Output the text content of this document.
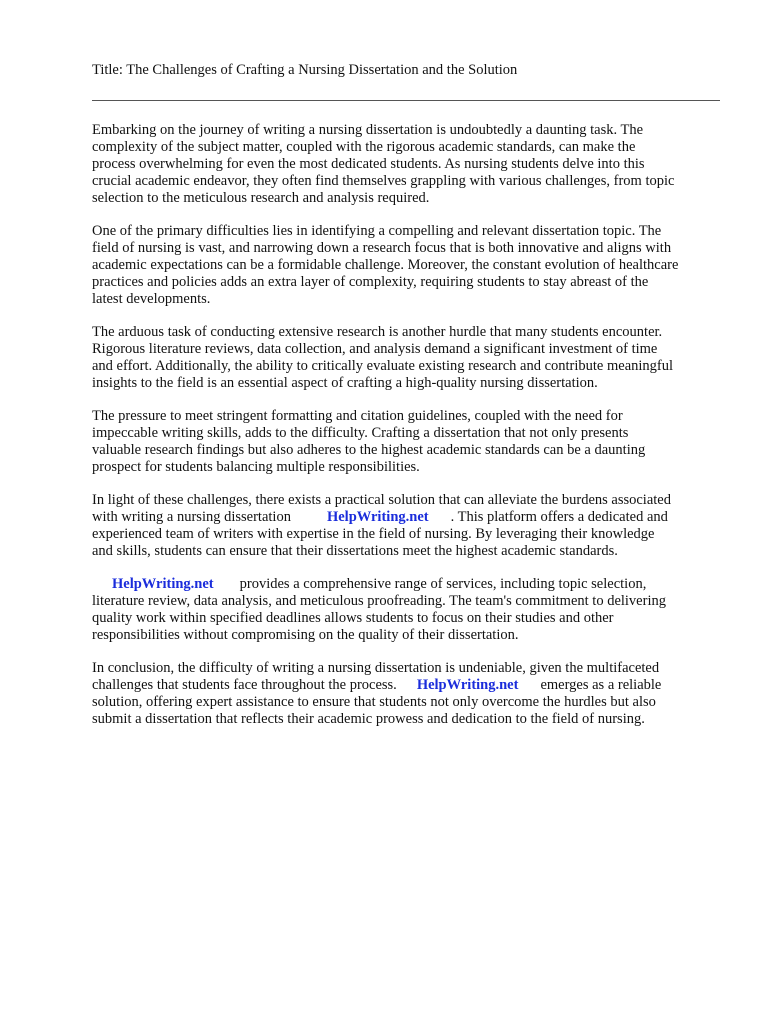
Title: The Challenges of Crafting a Nursing Dissertation and the Solution

Embarking on the journey of writing a nursing dissertation is undoubtedly a daunting task. The
complexity of the subject matter, coupled with the rigorous academic standards, can make the
process overwhelming for even the most dedicated students. As nursing students delve into this
crucial academic endeavor, they often find themselves grappling with various challenges, from topic
selection to the meticulous research and analysis required.

One of the primary difficulties lies in identifying a compelling and relevant dissertation topic. The
field of nursing is vast, and narrowing down a research focus that is both innovative and aligns with
academic expectations can be a formidable challenge. Moreover, the constant evolution of healthcare
practices and policies adds an extra layer of complexity, requiring students to stay abreast of the
latest developments.

The arduous task of conducting extensive research is another hurdle that many students encounter.
Rigorous literature reviews, data collection, and analysis demand a significant investment of time
and effort. Additionally, the ability to critically evaluate existing research and contribute meaningful
insights to the field is an essential aspect of crafting a high-quality nursing dissertation.

The pressure to meet stringent formatting and citation guidelines, coupled with the need for
impeccable writing skills, adds to the difficulty. Crafting a dissertation that not only presents
valuable research findings but also adheres to the highest academic standards can be a daunting
prospect for students balancing multiple responsibilities.

In light of these challenges, there exists a practical solution that can alleviate the burdens associated
with writing a nursing dissertation HelpWriting.net . This platform offers a dedicated and
experienced team of writers with expertise in the field of nursing. By leveraging their knowledge
and skills, students can ensure that their dissertations meet the highest academic standards.

HelpWriting.net provides a comprehensive range of services, including topic selection,
literature review, data analysis, and meticulous proofreading. The team's commitment to delivering
quality work within specified deadlines allows students to focus on their studies and other
responsibilities without compromising on the quality of their dissertation.

In conclusion, the difficulty of writing a nursing dissertation is undeniable, given the multifaceted
challenges that students face throughout the process. HelpWriting.net emerges as a reliable
solution, offering expert assistance to ensure that students not only overcome the hurdles but also
submit a dissertation that reflects their academic prowess and dedication to the field of nursing.
